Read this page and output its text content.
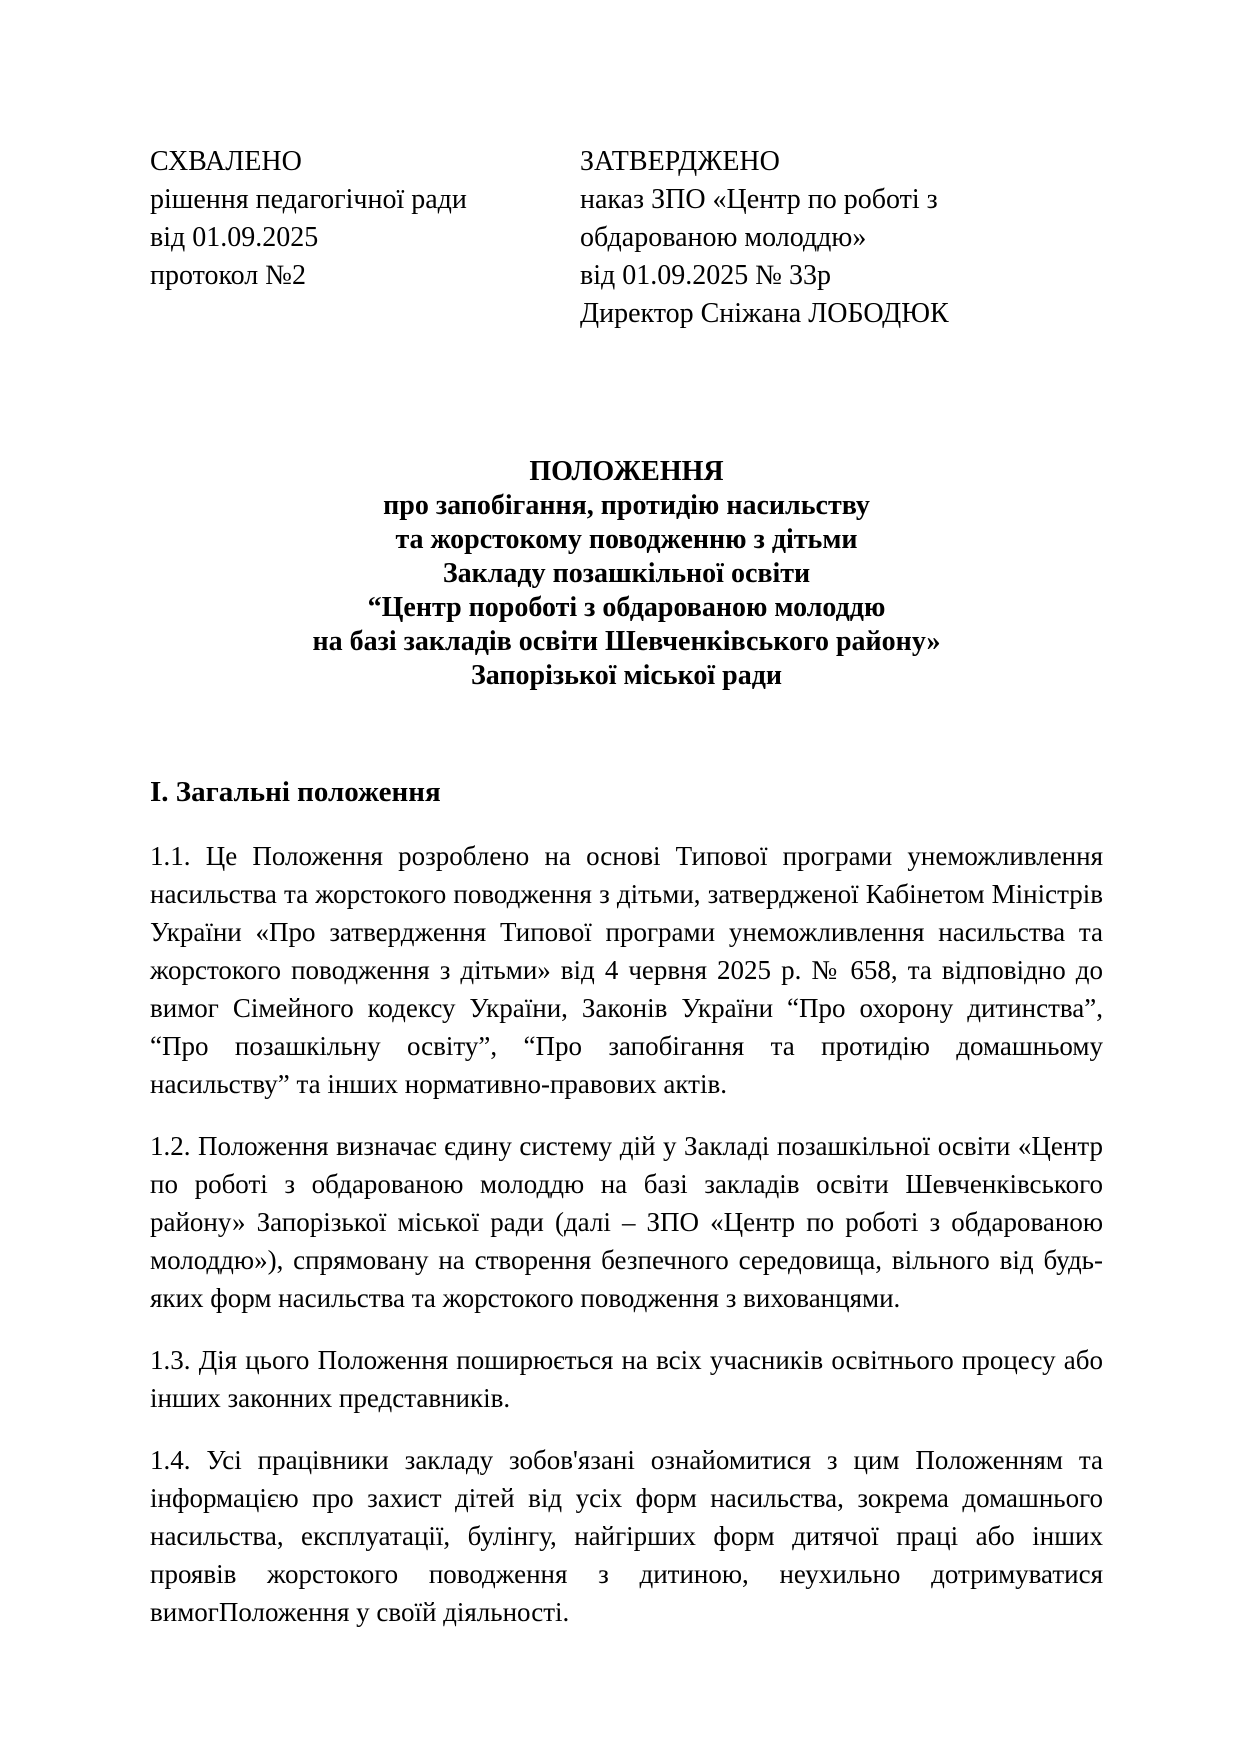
СХВАЛЕНО
рішення педагогічної ради
від 01.09.2025
протокол №2
ЗАТВЕРДЖЕНО
наказ ЗПО «Центр по роботі з
обдарованою молоддю»
від 01.09.2025 № 33р
Директор Сніжана ЛОБОДЮК
ПОЛОЖЕННЯ
про запобігання, протидію насильству
та жорстокому поводженню з дітьми
Закладу позашкільної освіти
“Центр пороботі з обдарованою молоддю
на базі закладів освіти Шевченківського району»
Запорізької міської ради
І. Загальні положення

1.1. Це Положення розроблено на основі Типової програми унеможливлення насильства та жорстокого поводження з дітьми, затвердженої Кабінетом Міністрів України «Про затвердження Типової програми унеможливлення насильства та жорстокого поводження з дітьми» від 4 червня 2025 р. № 658, та відповідно до вимог Сімейного кодексу України, Законів України “Про охорону дитинства”, “Про позашкільну освіту”, “Про запобігання та протидію домашньому насильству” та інших нормативно-правових актів.

1.2. Положення визначає єдину систему дій у Закладі позашкільної освіти «Центр по роботі з обдарованою молоддю на базі закладів освіти Шевченківського району» Запорізької міської ради (далі – ЗПО «Центр по роботі з обдарованою молоддю»), спрямовану на створення безпечного середовища, вільного від будь-яких форм насильства та жорстокого поводження з вихованцями.

1.3. Дія цього Положення поширюється на всіх учасників освітнього процесу або інших законних представників.

1.4. Усі працівники закладу зобов'язані ознайомитися з цим Положенням та інформацією про захист дітей від усіх форм насильства, зокрема домашнього насильства, експлуатації, булінгу, найгірших форм дитячої праці або інших проявів жорстокого поводження з дитиною, неухильно дотримуватися вимогПоложення у своїй діяльності.
